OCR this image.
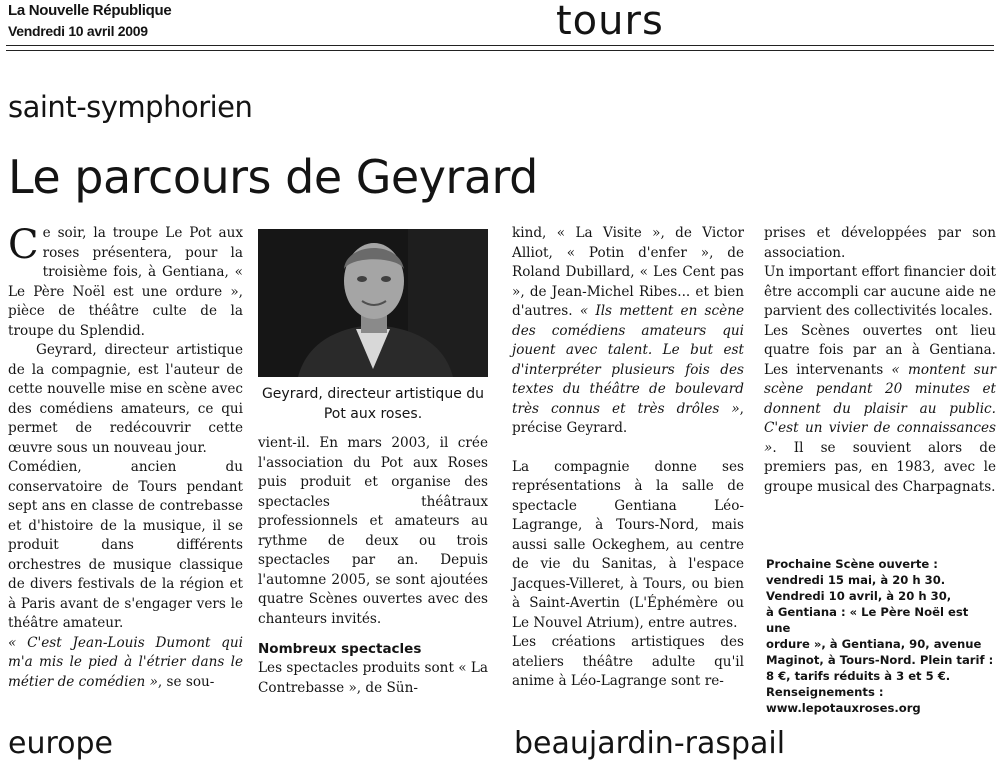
La Nouvelle République
Vendredi 10 avril 2009	tours
saint-symphorien
Le parcours de Geyrard

Ce soir, la troupe Le Pot aux roses présentera, pour la troisième fois, à Gentiana, « Le Père Noël est une ordure », pièce de théâtre culte de la troupe du Splendid.

Geyrard, directeur artistique de la compagnie, est l'auteur de cette nouvelle mise en scène avec des comédiens amateurs, ce qui permet de redécouvrir cette œuvre sous un nouveau jour.

Comédien, ancien du conservatoire de Tours pendant sept ans en classe de contrebasse et d'histoire de la musique, il se produit dans différents orchestres de musique classique de divers festivals de la région et à Paris avant de s'engager vers le théâtre amateur.

« C'est Jean-Louis Dumont qui m'a mis le pied à l'étrier dans le métier de comédien », se sou-

Geyrard, directeur artistique du Pot aux roses.

vient-il. En mars 2003, il crée l'association du Pot aux Roses puis produit et organise des spectacles théâtraux professionnels et amateurs au rythme de deux ou trois spectacles par an. Depuis l'automne 2005, se sont ajoutées quatre Scènes ouvertes avec des chanteurs invités.

Nombreux spectacles

Les spectacles produits sont « La Contrebasse », de Sün-

kind, « La Visite », de Victor Alliot, « Potin d'enfer », de Roland Dubillard, « Les Cent pas », de Jean-Michel Ribes... et bien d'autres. « Ils mettent en scène des comédiens amateurs qui jouent avec talent. Le but est d'interpréter plusieurs fois des textes du théâtre de boulevard très connus et très drôles », précise Geyrard.

La compagnie donne ses représentations à la salle de spectacle Gentiana Léo-Lagrange, à Tours-Nord, mais aussi salle Ockeghem, au centre de vie du Sanitas, à l'espace Jacques-Villeret, à Tours, ou bien à Saint-Avertin (L'Éphémère ou Le Nouvel Atrium), entre autres.

Les créations artistiques des ateliers théâtre adulte qu'il anime à Léo-Lagrange sont re-

prises et développées par son association.

Un important effort financier doit être accompli car aucune aide ne parvient des collectivités locales.

Les Scènes ouvertes ont lieu quatre fois par an à Gentiana. Les intervenants « montent sur scène pendant 20 minutes et donnent du plaisir au public. C'est un vivier de connaissances ». Il se souvient alors de premiers pas, en 1983, avec le groupe musical des Charpagnats.

Prochaine Scène ouverte :
vendredi 15 mai, à 20 h 30.
Vendredi 10 avril, à 20 h 30,
à Gentiana : « Le Père Noël est une
ordure », à Gentiana, 90, avenue
Maginot, à Tours-Nord. Plein tarif :
8 €, tarifs réduits à 3 et 5 €.
Renseignements :
www.lepotauxroses.org
europe	beaujardin-raspail
